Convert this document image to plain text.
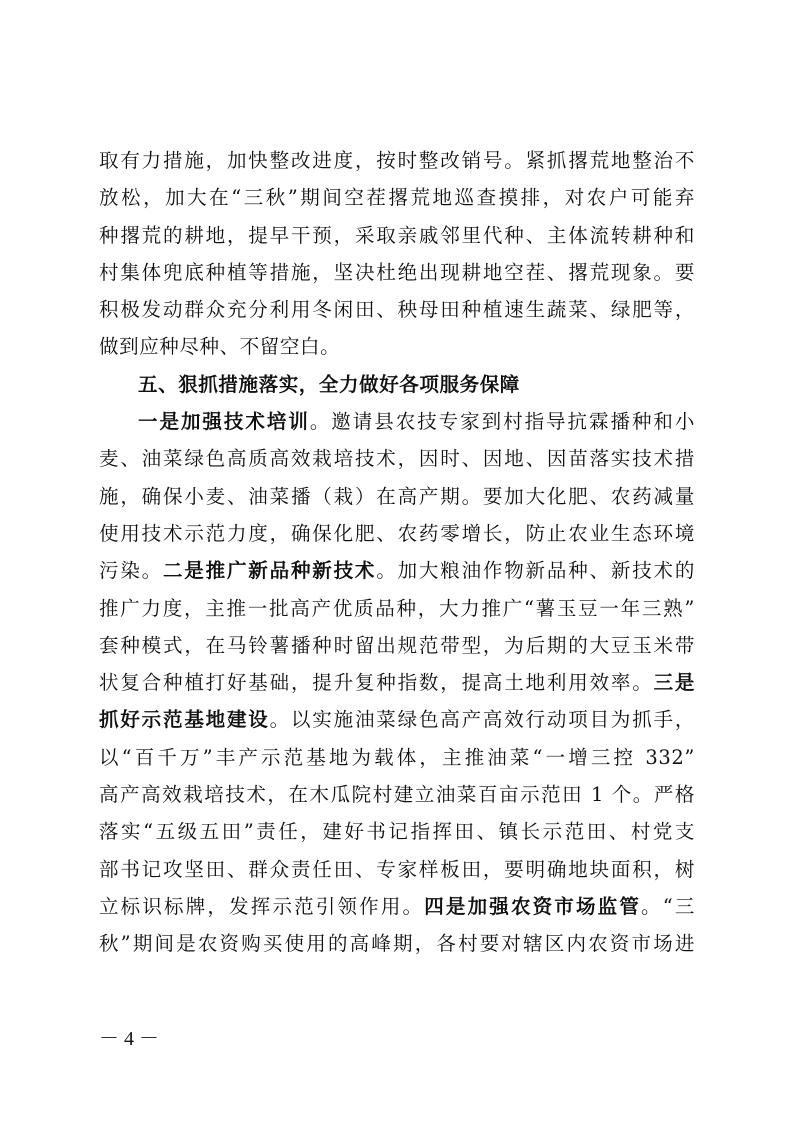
取有力措施，加快整改进度，按时整改销号。紧抓撂荒地整治不
放松，加大在“三秋”期间空茬撂荒地巡查摸排，对农户可能弃
种撂荒的耕地，提早干预，采取亲戚邻里代种、主体流转耕种和
村集体兜底种植等措施，坚决杜绝出现耕地空茬、撂荒现象。要
积极发动群众充分利用冬闲田、秧母田种植速生蔬菜、绿肥等，
做到应种尽种、不留空白。
五、狠抓措施落实，全力做好各项服务保障
一是加强技术培训。邀请县农技专家到村指导抗霖播种和小
麦、油菜绿色高质高效栽培技术，因时、因地、因苗落实技术措
施，确保小麦、油菜播（栽）在高产期。要加大化肥、农药减量
使用技术示范力度，确保化肥、农药零增长，防止农业生态环境
污染。二是推广新品种新技术。加大粮油作物新品种、新技术的
推广力度，主推一批高产优质品种，大力推广“薯玉豆一年三熟”
套种模式，在马铃薯播种时留出规范带型，为后期的大豆玉米带
状复合种植打好基础，提升复种指数，提高土地利用效率。三是
抓好示范基地建设。以实施油菜绿色高产高效行动项目为抓手，
以“百千万”丰产示范基地为载体，主推油菜“一增三控 332”
高产高效栽培技术，在木瓜院村建立油菜百亩示范田 1 个。严格
落实“五级五田”责任，建好书记指挥田、镇长示范田、村党支
部书记攻坚田、群众责任田、专家样板田，要明确地块面积，树
立标识标牌，发挥示范引领作用。四是加强农资市场监管。“三
秋”期间是农资购买使用的高峰期，各村要对辖区内农资市场进
－ 4 －
